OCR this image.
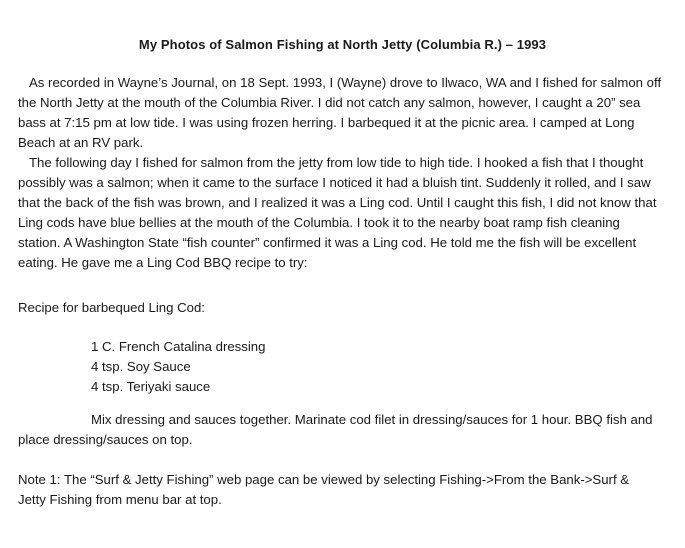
My Photos of Salmon Fishing at North Jetty (Columbia R.) – 1993

As recorded in Wayne’s Journal, on 18 Sept. 1993, I (Wayne) drove to Ilwaco, WA and I fished for salmon off the North Jetty at the mouth of the Columbia River. I did not catch any salmon, however, I caught a 20” sea bass at 7:15 pm at low tide. I was using frozen herring. I barbequed it at the picnic area. I camped at Long Beach at an RV park.

The following day I fished for salmon from the jetty from low tide to high tide. I hooked a fish that I thought possibly was a salmon; when it came to the surface I noticed it had a bluish tint. Suddenly it rolled, and I saw that the back of the fish was brown, and I realized it was a Ling cod. Until I caught this fish, I did not know that Ling cods have blue bellies at the mouth of the Columbia. I took it to the nearby boat ramp fish cleaning station. A Washington State “fish counter” confirmed it was a Ling cod. He told me the fish will be excellent eating. He gave me a Ling Cod BBQ recipe to try:

Recipe for barbequed Ling Cod:
1 C. French Catalina dressing
4 tsp. Soy Sauce
4 tsp. Teriyaki sauce

Mix dressing and sauces together. Marinate cod filet in dressing/sauces for 1 hour. BBQ fish and place dressing/sauces on top.

Note 1: The “Surf & Jetty Fishing” web page can be viewed by selecting Fishing->From the Bank->Surf & Jetty Fishing from menu bar at top.
